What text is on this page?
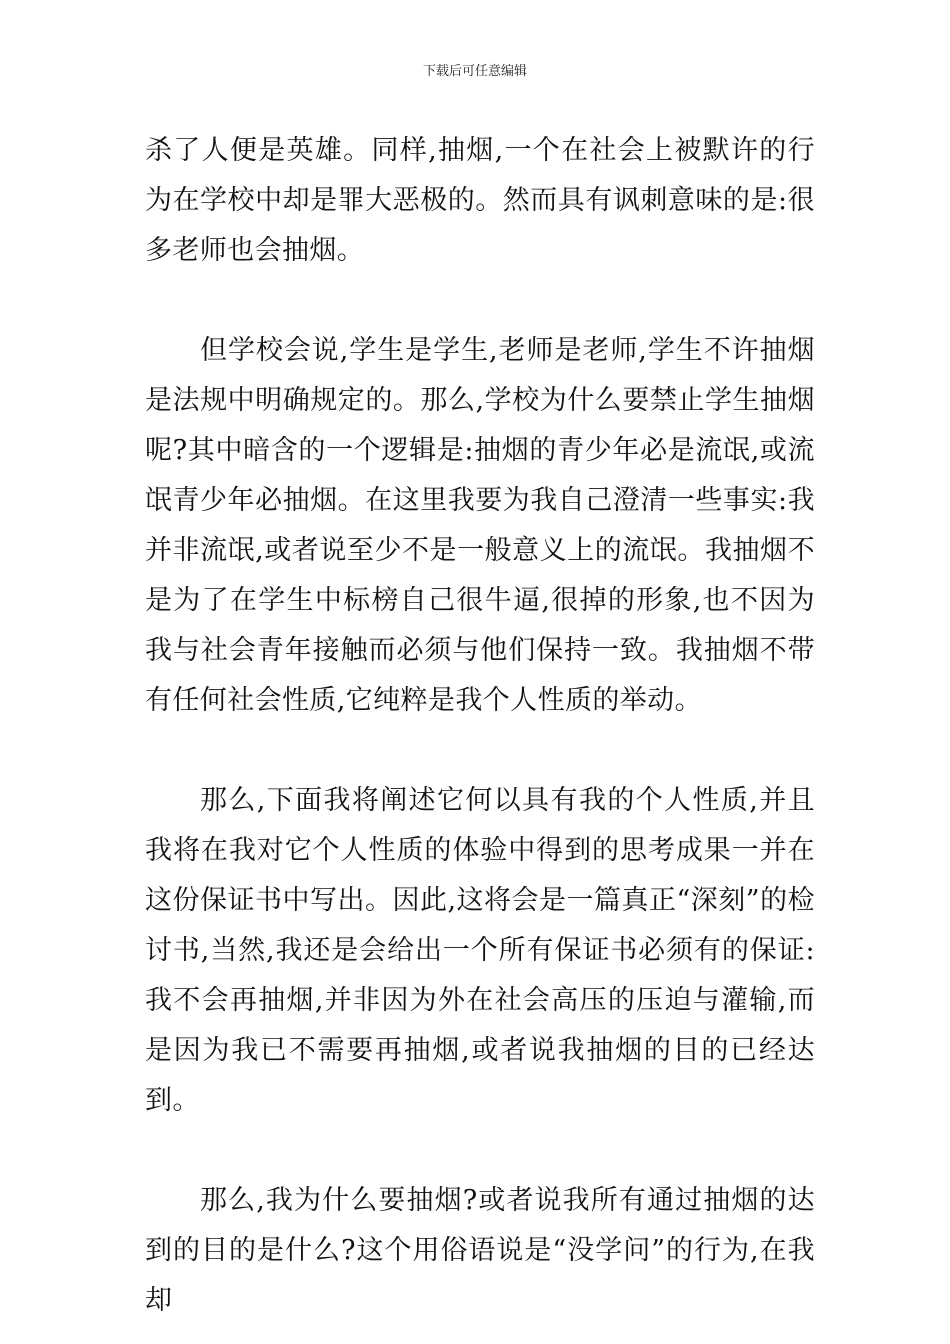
下载后可任意编辑

杀了人便是英雄。同样,抽烟,一个在社会上被默许的行为在学校中却是罪大恶极的。然而具有讽刺意味的是:很多老师也会抽烟。

但学校会说,学生是学生,老师是老师,学生不许抽烟是法规中明确规定的。那么,学校为什么要禁止学生抽烟呢?其中暗含的一个逻辑是:抽烟的青少年必是流氓,或流氓青少年必抽烟。在这里我要为我自己澄清一些事实:我并非流氓,或者说至少不是一般意义上的流氓。我抽烟不是为了在学生中标榜自己很牛逼,很掉的形象,也不因为我与社会青年接触而必须与他们保持一致。我抽烟不带有任何社会性质,它纯粹是我个人性质的举动。

那么,下面我将阐述它何以具有我的个人性质,并且我将在我对它个人性质的体验中得到的思考成果一并在这份保证书中写出。因此,这将会是一篇真正“深刻”的检讨书,当然,我还是会给出一个所有保证书必须有的保证:我不会再抽烟,并非因为外在社会高压的压迫与灌输,而是因为我已不需要再抽烟,或者说我抽烟的目的已经达到。

那么,我为什么要抽烟?或者说我所有通过抽烟的达到的目的是什么?这个用俗语说是“没学问”的行为,在我却
